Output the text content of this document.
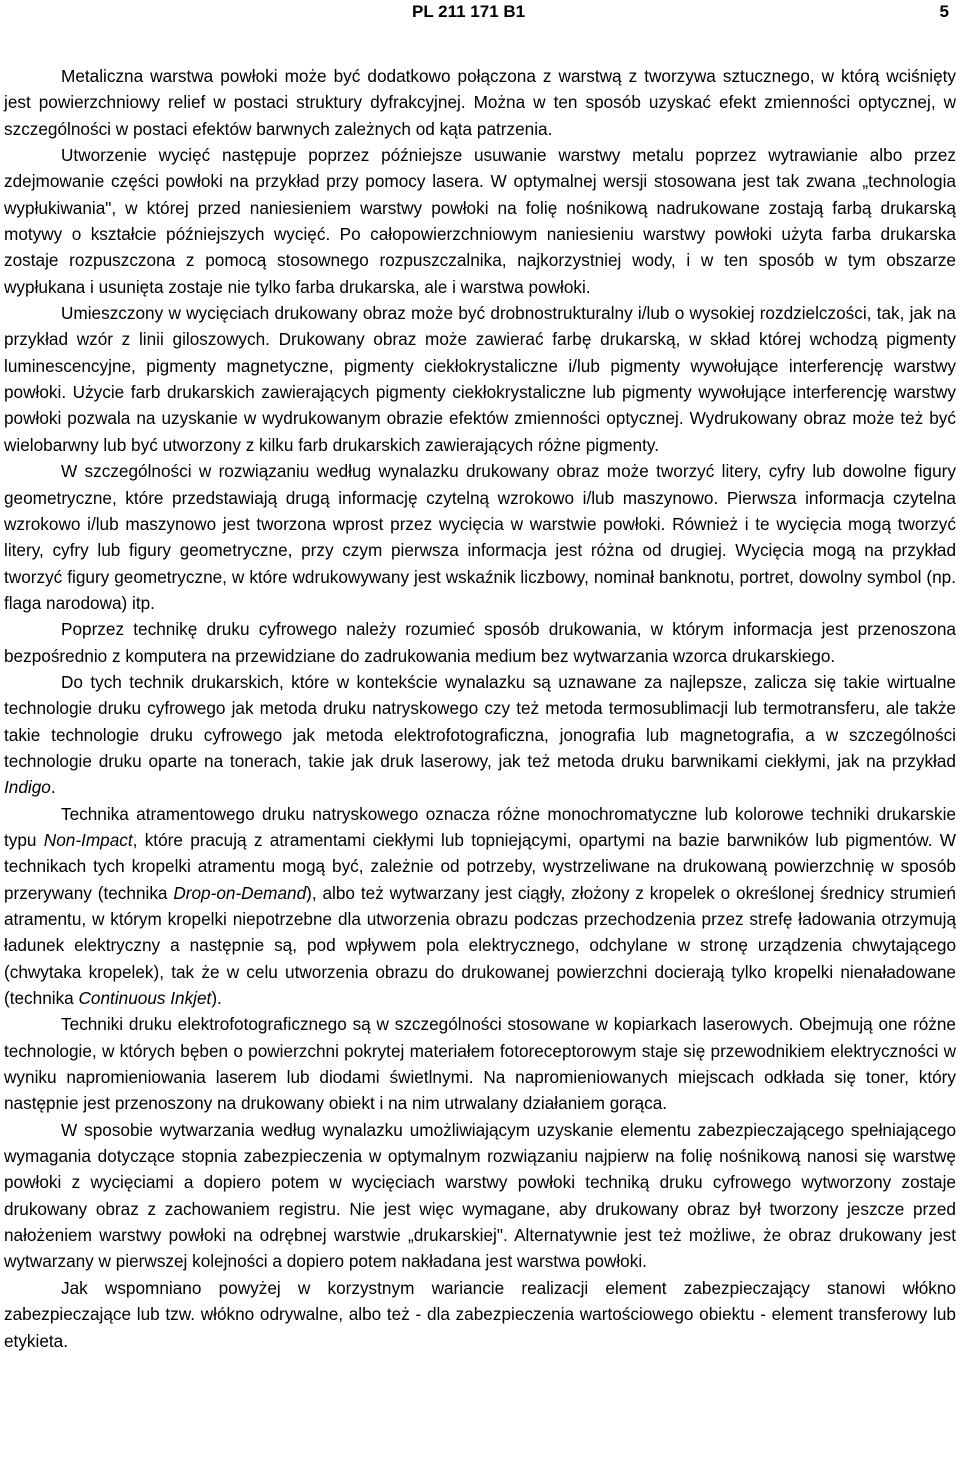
PL 211 171 B1	5

Metaliczna warstwa powłoki może być dodatkowo połączona z warstwą z tworzywa sztucznego, w którą wciśnięty jest powierzchniowy relief w postaci struktury dyfrakcyjnej. Można w ten sposób uzyskać efekt zmienności optycznej, w szczególności w postaci efektów barwnych zależnych od kąta patrzenia.

Utworzenie wycięć następuje poprzez późniejsze usuwanie warstwy metalu poprzez wytrawianie albo przez zdejmowanie części powłoki na przykład przy pomocy lasera. W optymalnej wersji stosowana jest tak zwana „technologia wypłukiwania", w której przed naniesieniem warstwy powłoki na folię nośnikową nadrukowane zostają farbą drukarską motywy o kształcie późniejszych wycięć. Po całopowierzchniowym naniesieniu warstwy powłoki użyta farba drukarska zostaje rozpuszczona z pomocą stosownego rozpuszczalnika, najkorzystniej wody, i w ten sposób w tym obszarze wypłukana i usunięta zostaje nie tylko farba drukarska, ale i warstwa powłoki.

Umieszczony w wycięciach drukowany obraz może być drobnostrukturalny i/lub o wysokiej rozdzielczości, tak, jak na przykład wzór z linii giloszowych. Drukowany obraz może zawierać farbę drukarską, w skład której wchodzą pigmenty luminescencyjne, pigmenty magnetyczne, pigmenty ciekłokrystaliczne i/lub pigmenty wywołujące interferencję warstwy powłoki. Użycie farb drukarskich zawierających pigmenty ciekłokrystaliczne lub pigmenty wywołujące interferencję warstwy powłoki pozwala na uzyskanie w wydrukowanym obrazie efektów zmienności optycznej. Wydrukowany obraz może też być wielobarwny lub być utworzony z kilku farb drukarskich zawierających różne pigmenty.

W szczególności w rozwiązaniu według wynalazku drukowany obraz może tworzyć litery, cyfry lub dowolne figury geometryczne, które przedstawiają drugą informację czytelną wzrokowo i/lub maszynowo. Pierwsza informacja czytelna wzrokowo i/lub maszynowo jest tworzona wprost przez wycięcia w warstwie powłoki. Również i te wycięcia mogą tworzyć litery, cyfry lub figury geometryczne, przy czym pierwsza informacja jest różna od drugiej. Wycięcia mogą na przykład tworzyć figury geometryczne, w które wdrukowywany jest wskaźnik liczbowy, nominał banknotu, portret, dowolny symbol (np. flaga narodowa) itp.

Poprzez technikę druku cyfrowego należy rozumieć sposób drukowania, w którym informacja jest przenoszona bezpośrednio z komputera na przewidziane do zadrukowania medium bez wytwarzania wzorca drukarskiego.

Do tych technik drukarskich, które w kontekście wynalazku są uznawane za najlepsze, zalicza się takie wirtualne technologie druku cyfrowego jak metoda druku natryskowego czy też metoda termosublimacji lub termotransferu, ale także takie technologie druku cyfrowego jak metoda elektrofotograficzna, jonografia lub magnetografia, a w szczególności technologie druku oparte na tonerach, takie jak druk laserowy, jak też metoda druku barwnikami ciekłymi, jak na przykład Indigo.

Technika atramentowego druku natryskowego oznacza różne monochromatyczne lub kolorowe techniki drukarskie typu Non-Impact, które pracują z atramentami ciekłymi lub topniejącymi, opartymi na bazie barwników lub pigmentów. W technikach tych kropelki atramentu mogą być, zależnie od potrzeby, wystrzeliwane na drukowaną powierzchnię w sposób przerywany (technika Drop-on-Demand), albo też wytwarzany jest ciągły, złożony z kropelek o określonej średnicy strumień atramentu, w którym kropelki niepotrzebne dla utworzenia obrazu podczas przechodzenia przez strefę ładowania otrzymują ładunek elektryczny a następnie są, pod wpływem pola elektrycznego, odchylane w stronę urządzenia chwytającego (chwytaka kropelek), tak że w celu utworzenia obrazu do drukowanej powierzchni docierają tylko kropelki nienaładowane (technika Continuous Inkjet).

Techniki druku elektrofotograficznego są w szczególności stosowane w kopiarkach laserowych. Obejmują one różne technologie, w których bęben o powierzchni pokrytej materiałem fotoreceptorowym staje się przewodnikiem elektryczności w wyniku napromieniowania laserem lub diodami świetlnymi. Na napromieniowanych miejscach odkłada się toner, który następnie jest przenoszony na drukowany obiekt i na nim utrwalany działaniem gorąca.

W sposobie wytwarzania według wynalazku umożliwiającym uzyskanie elementu zabezpieczającego spełniającego wymagania dotyczące stopnia zabezpieczenia w optymalnym rozwiązaniu najpierw na folię nośnikową nanosi się warstwę powłoki z wycięciami a dopiero potem w wycięciach warstwy powłoki techniką druku cyfrowego wytworzony zostaje drukowany obraz z zachowaniem registru. Nie jest więc wymagane, aby drukowany obraz był tworzony jeszcze przed nałożeniem warstwy powłoki na odrębnej warstwie „drukarskiej". Alternatywnie jest też możliwe, że obraz drukowany jest wytwarzany w pierwszej kolejności a dopiero potem nakładana jest warstwa powłoki.

Jak wspomniano powyżej w korzystnym wariancie realizacji element zabezpieczający stanowi włókno zabezpieczające lub tzw. włókno odrywalne, albo też - dla zabezpieczenia wartościowego obiektu - element transferowy lub etykieta.
